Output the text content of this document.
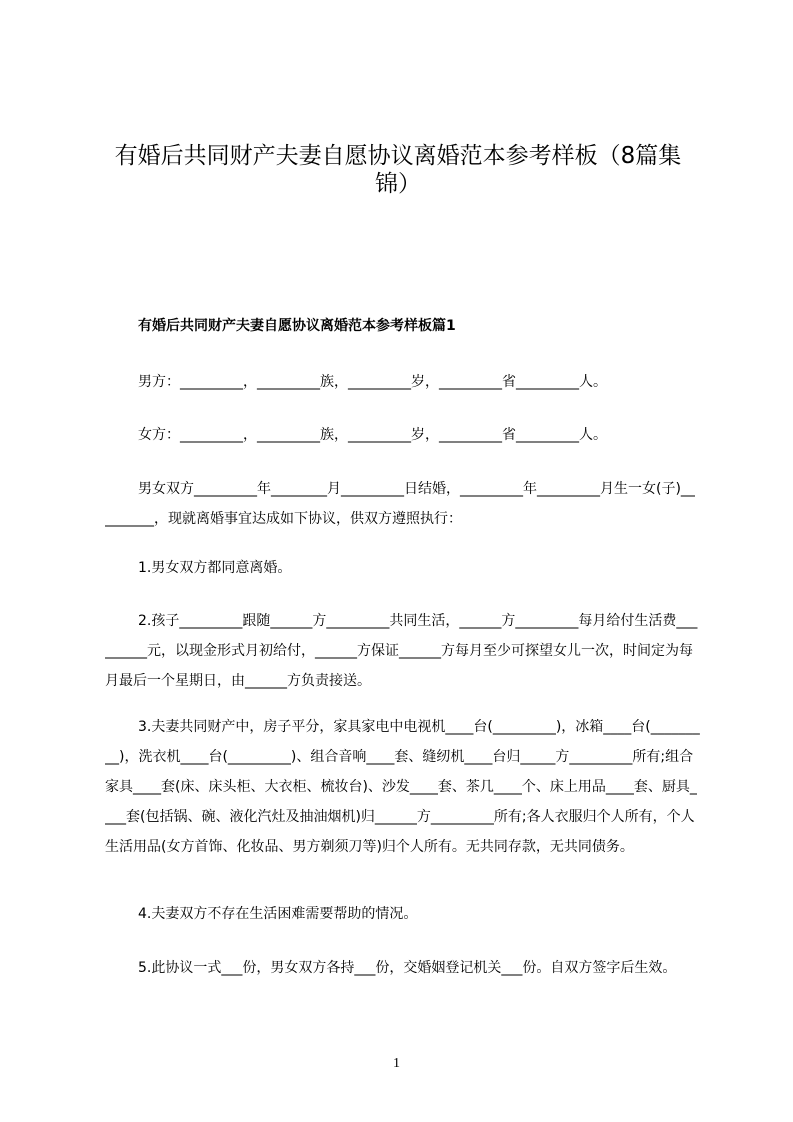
有婚后共同财产夫妻自愿协议离婚范本参考样板（8篇集锦）
有婚后共同财产夫妻自愿协议离婚范本参考样板篇1
男方：_________，_________族，_________岁，_________省_________人。
女方：_________，_________族，_________岁，_________省_________人。
男女双方_________年________月_________日结婚，_________年_________月生一女(子)_________，现就离婚事宜达成如下协议，供双方遵照执行：
1.男女双方都同意离婚。
2.孩子_________跟随______方_________共同生活，______方_________每月给付生活费_________元，以现金形式月初给付，______方保证______方每月至少可探望女儿一次，时间定为每月最后一个星期日，由______方负责接送。
3.夫妻共同财产中，房子平分，家具家电中电视机____台(_________)，冰箱____台(_________)，洗衣机____台(_________)、组合音响____套、缝纫机____台归_____方_________所有;组合家具____套(床、床头柜、大衣柜、梳妆台)、沙发____套、茶几____个、床上用品____套、厨具____套(包括锅、碗、液化汽灶及抽油烟机)归______方_________所有;各人衣服归个人所有，个人生活用品(女方首饰、化妆品、男方剃须刀等)归个人所有。无共同存款，无共同债务。
4.夫妻双方不存在生活困难需要帮助的情况。
5.此协议一式___份，男女双方各持___份，交婚姻登记机关___份。自双方签字后生效。
1
